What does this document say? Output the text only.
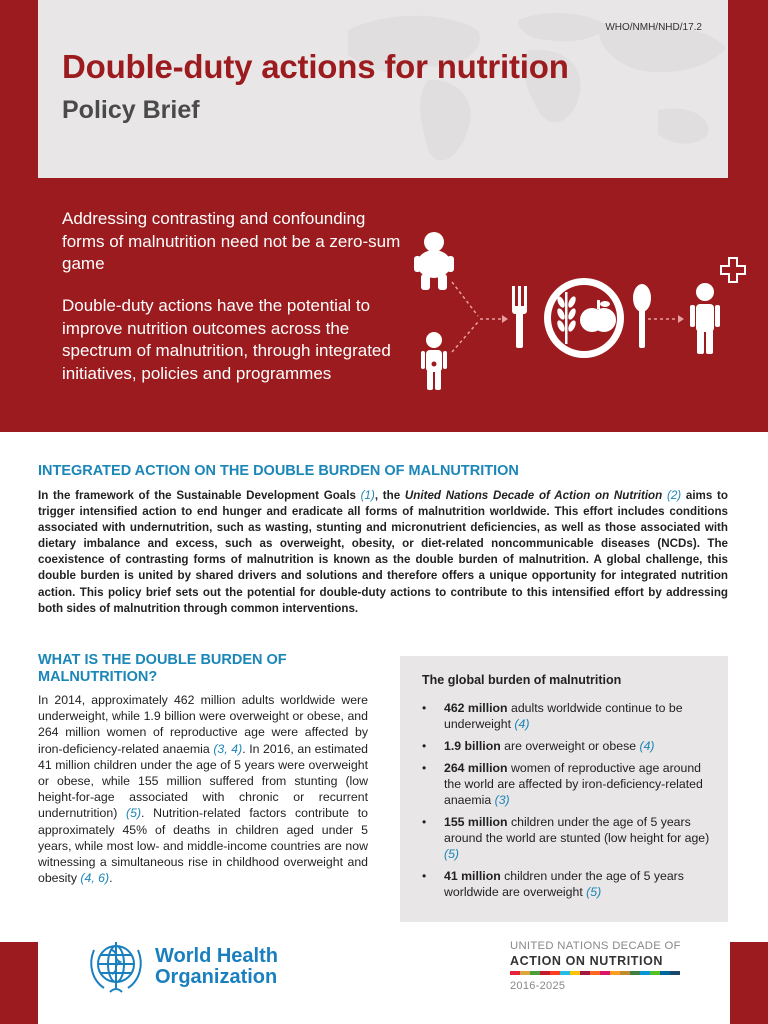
WHO/NMH/NHD/17.2
Double-duty actions for nutrition
Policy Brief

Addressing contrasting and confounding forms of malnutrition need not be a zero-sum game

Double-duty actions have the potential to improve nutrition outcomes across the spectrum of malnutrition, through integrated initiatives, policies and programmes

INTEGRATED ACTION ON THE DOUBLE BURDEN OF MALNUTRITION

In the framework of the Sustainable Development Goals (1), the United Nations Decade of Action on Nutrition (2) aims to trigger intensified action to end hunger and eradicate all forms of malnutrition worldwide. This effort includes conditions associated with undernutrition, such as wasting, stunting and micronutrient deficiencies, as well as those associated with dietary imbalance and excess, such as overweight, obesity, or diet-related noncommunicable diseases (NCDs). The coexistence of contrasting forms of malnutrition is known as the double burden of malnutrition. A global challenge, this double burden is united by shared drivers and solutions and therefore offers a unique opportunity for integrated nutrition action. This policy brief sets out the potential for double-duty actions to contribute to this intensified effort by addressing both sides of malnutrition through common interventions.

WHAT IS THE DOUBLE BURDEN OF MALNUTRITION?

In 2014, approximately 462 million adults worldwide were underweight, while 1.9 billion were overweight or obese, and 264 million women of reproductive age were affected by iron-deficiency-related anaemia (3, 4). In 2016, an estimated 41 million children under the age of 5 years were overweight or obese, while 155 million suffered from stunting (low height-for-age associated with chronic or recurrent undernutrition) (5). Nutrition-related factors contribute to approximately 45% of deaths in children aged under 5 years, while most low- and middle-income countries are now witnessing a simultaneous rise in childhood overweight and obesity (4, 6).

The global burden of malnutrition
• 462 million adults worldwide continue to be underweight (4)
• 1.9 billion are overweight or obese (4)
• 264 million women of reproductive age around the world are affected by iron-deficiency-related anaemia (3)
• 155 million children under the age of 5 years around the world are stunted (low height for age) (5)
• 41 million children under the age of 5 years worldwide are overweight (5)
World Health
Organization
UNITED NATIONS DECADE OF
ACTION ON NUTRITION
2016-2025
